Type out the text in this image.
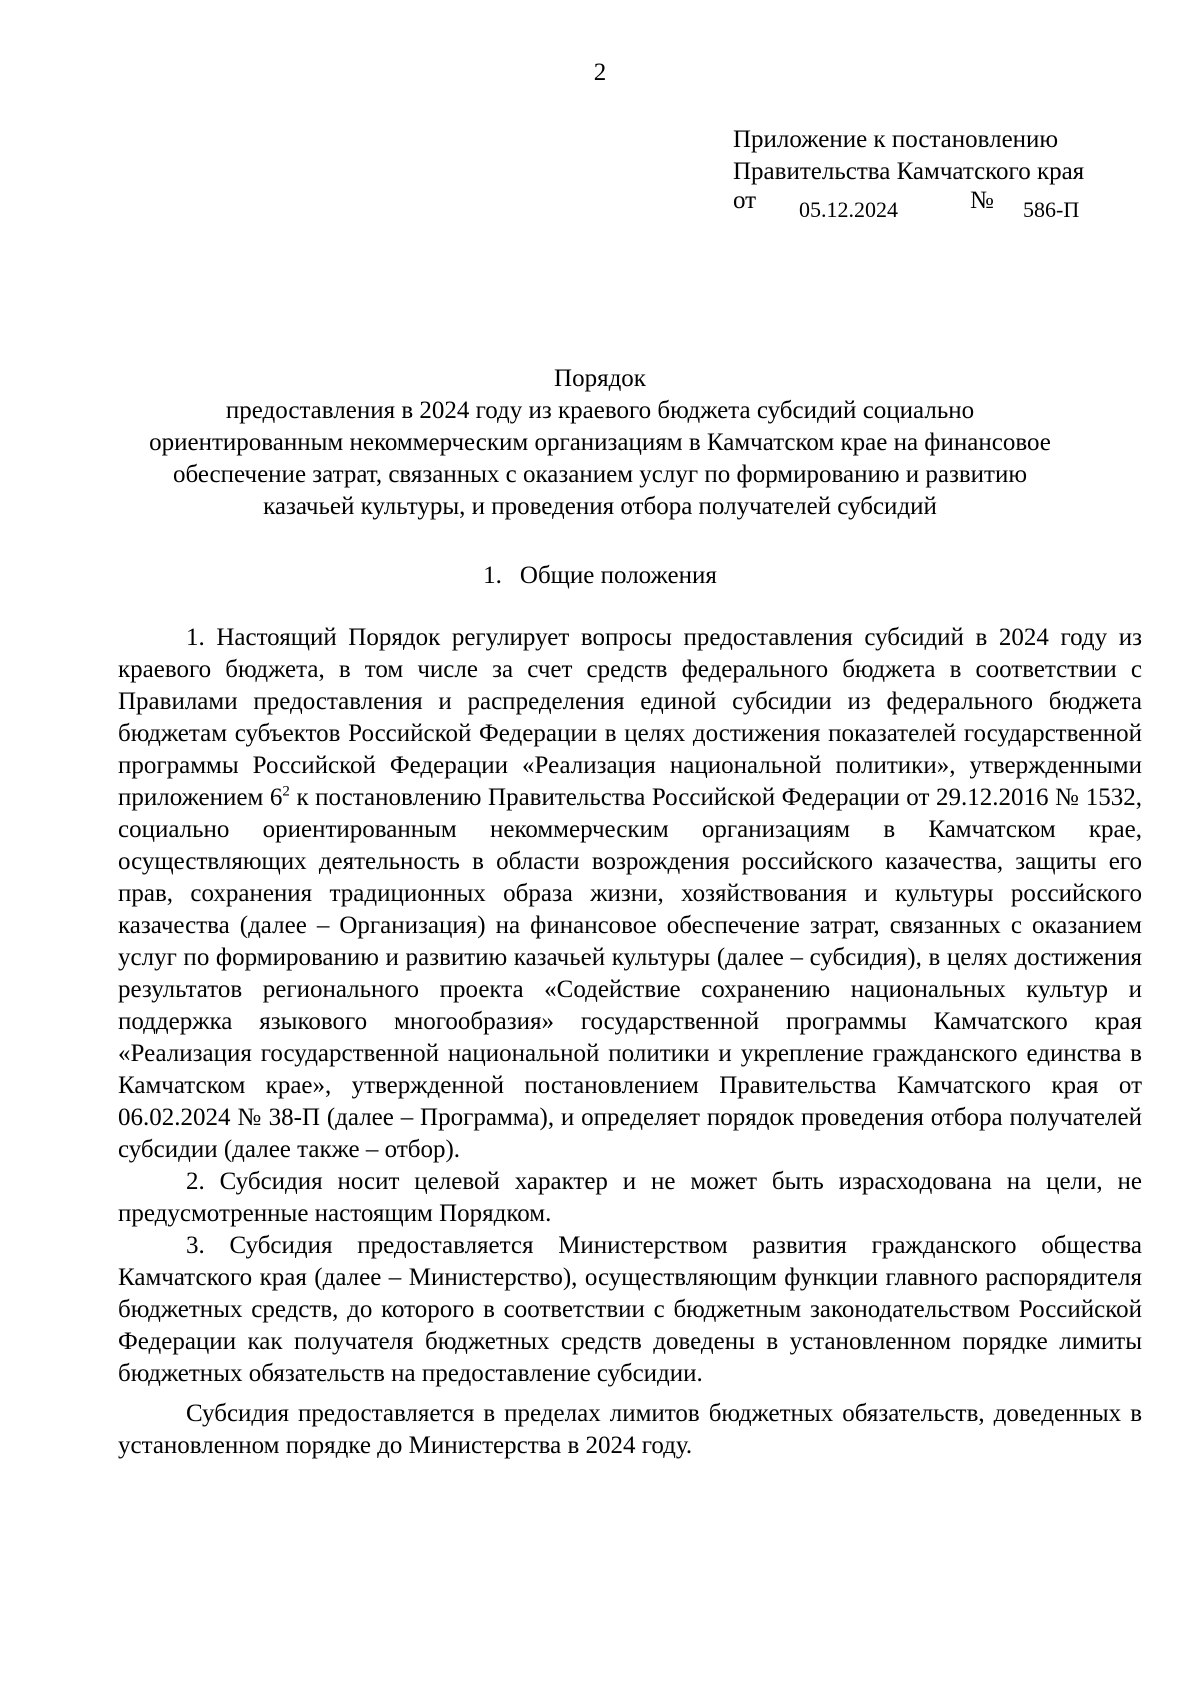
2
Приложение к постановлению
Правительства Камчатского края
от 05.12.2024	№ 586-П
Порядок
предоставления в 2024 году из краевого бюджета субсидий социально
ориентированным некоммерческим организациям в Камчатском крае на финансовое
обеспечение затрат, связанных с оказанием услуг по формированию и развитию
казачьей культуры, и проведения отбора получателей субсидий
1. Общие положения

1. Настоящий Порядок регулирует вопросы предоставления субсидий в 2024 году из краевого бюджета, в том числе за счет средств федерального бюджета в соответствии с Правилами предоставления и распределения единой субсидии из федерального бюджета бюджетам субъектов Российской Федерации в целях достижения показателей государственной программы Российской Федерации «Реализация национальной политики», утвержденными приложением $6^2$ к постановлению Правительства Российской Федерации от 29.12.2016 № 1532, социально ориентированным некоммерческим организациям в Камчатском крае, осуществляющих деятельность в области возрождения российского казачества, защиты его прав, сохранения традиционных образа жизни, хозяйствования и культуры российского казачества (далее – Организация) на финансовое обеспечение затрат, связанных с оказанием услуг по формированию и развитию казачьей культуры (далее – субсидия), в целях достижения результатов регионального проекта «Содействие сохранению национальных культур и поддержка языкового многообразия» государственной программы Камчатского края «Реализация государственной национальной политики и укрепление гражданского единства в Камчатском крае», утвержденной постановлением Правительства Камчатского края от 06.02.2024 № 38-П (далее – Программа), и определяет порядок проведения отбора получателей субсидии (далее также – отбор).

2. Субсидия носит целевой характер и не может быть израсходована на цели, не предусмотренные настоящим Порядком.

3. Субсидия предоставляется Министерством развития гражданского общества Камчатского края (далее – Министерство), осуществляющим функции главного распорядителя бюджетных средств, до которого в соответствии с бюджетным законодательством Российской Федерации как получателя бюджетных средств доведены в установленном порядке лимиты бюджетных обязательств на предоставление субсидии.

Субсидия предоставляется в пределах лимитов бюджетных обязательств, доведенных в установленном порядке до Министерства в 2024 году.
